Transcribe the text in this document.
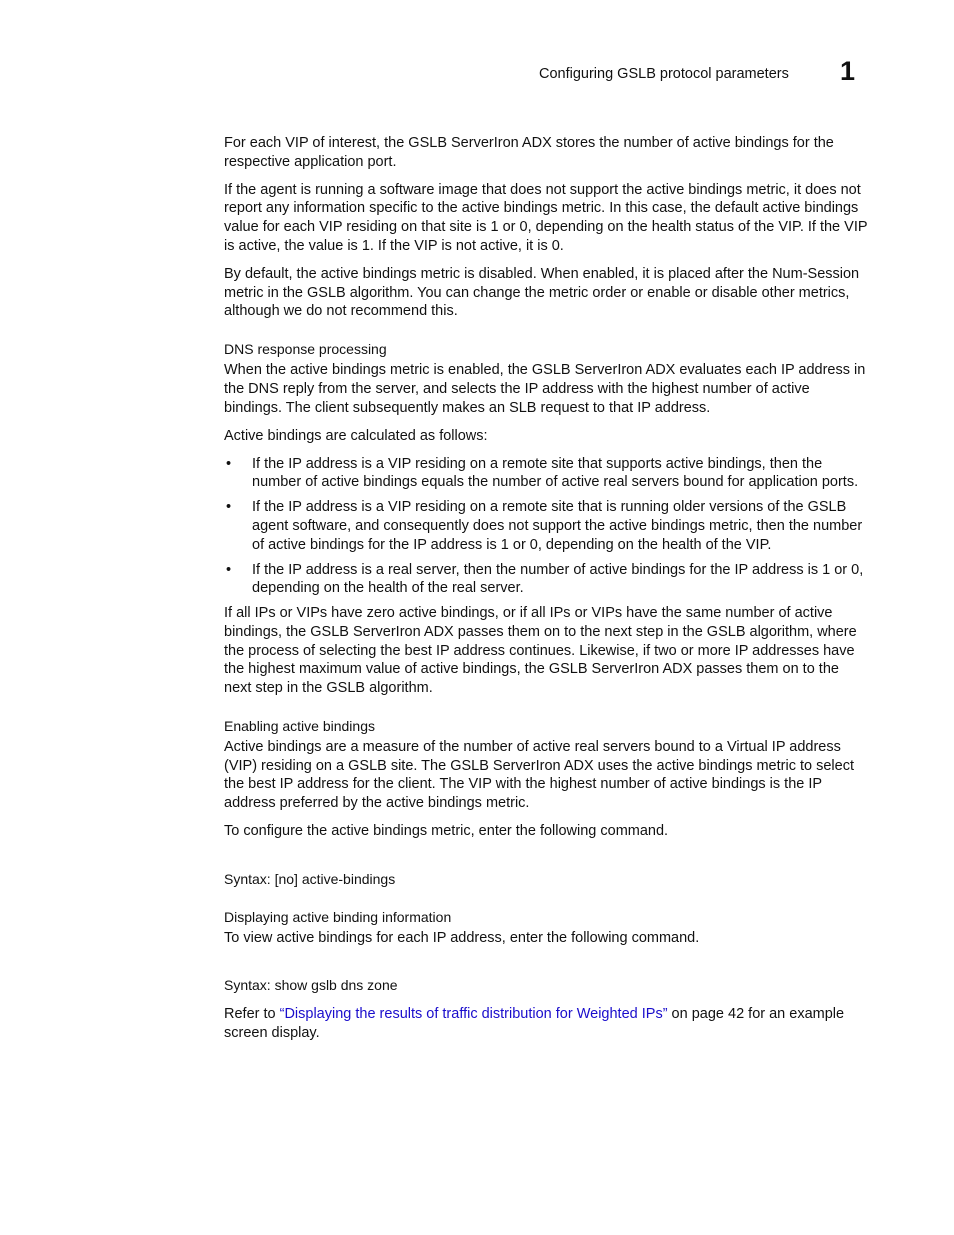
Configuring GSLB protocol parameters 1

For each VIP of interest, the GSLB ServerIron ADX stores the number of active bindings for the respective application port.

If the agent is running a software image that does not support the active bindings metric, it does not report any information specific to the active bindings metric. In this case, the default active bindings value for each VIP residing on that site is 1 or 0, depending on the health status of the VIP. If the VIP is active, the value is 1. If the VIP is not active, it is 0.

By default, the active bindings metric is disabled. When enabled, it is placed after the Num-Session metric in the GSLB algorithm. You can change the metric order or enable or disable other metrics, although we do not recommend this.

DNS response processing

When the active bindings metric is enabled, the GSLB ServerIron ADX evaluates each IP address in the DNS reply from the server, and selects the IP address with the highest number of active bindings. The client subsequently makes an SLB request to that IP address.

Active bindings are calculated as follows:

• If the IP address is a VIP residing on a remote site that supports active bindings, then the number of active bindings equals the number of active real servers bound for application ports.
• If the IP address is a VIP residing on a remote site that is running older versions of the GSLB agent software, and consequently does not support the active bindings metric, then the number of active bindings for the IP address is 1 or 0, depending on the health of the VIP.
• If the IP address is a real server, then the number of active bindings for the IP address is 1 or 0, depending on the health of the real server.

If all IPs or VIPs have zero active bindings, or if all IPs or VIPs have the same number of active bindings, the GSLB ServerIron ADX passes them on to the next step in the GSLB algorithm, where the process of selecting the best IP address continues. Likewise, if two or more IP addresses have the highest maximum value of active bindings, the GSLB ServerIron ADX passes them on to the next step in the GSLB algorithm.

Enabling active bindings

Active bindings are a measure of the number of active real servers bound to a Virtual IP address (VIP) residing on a GSLB site. The GSLB ServerIron ADX uses the active bindings metric to select the best IP address for the client. The VIP with the highest number of active bindings is the IP address preferred by the active bindings metric.

To configure the active bindings metric, enter the following command.

Syntax: [no] active-bindings

Displaying active binding information

To view active bindings for each IP address, enter the following command.

Syntax: show gslb dns zone

Refer to “Displaying the results of traffic distribution for Weighted IPs” on page 42 for an example screen display.
